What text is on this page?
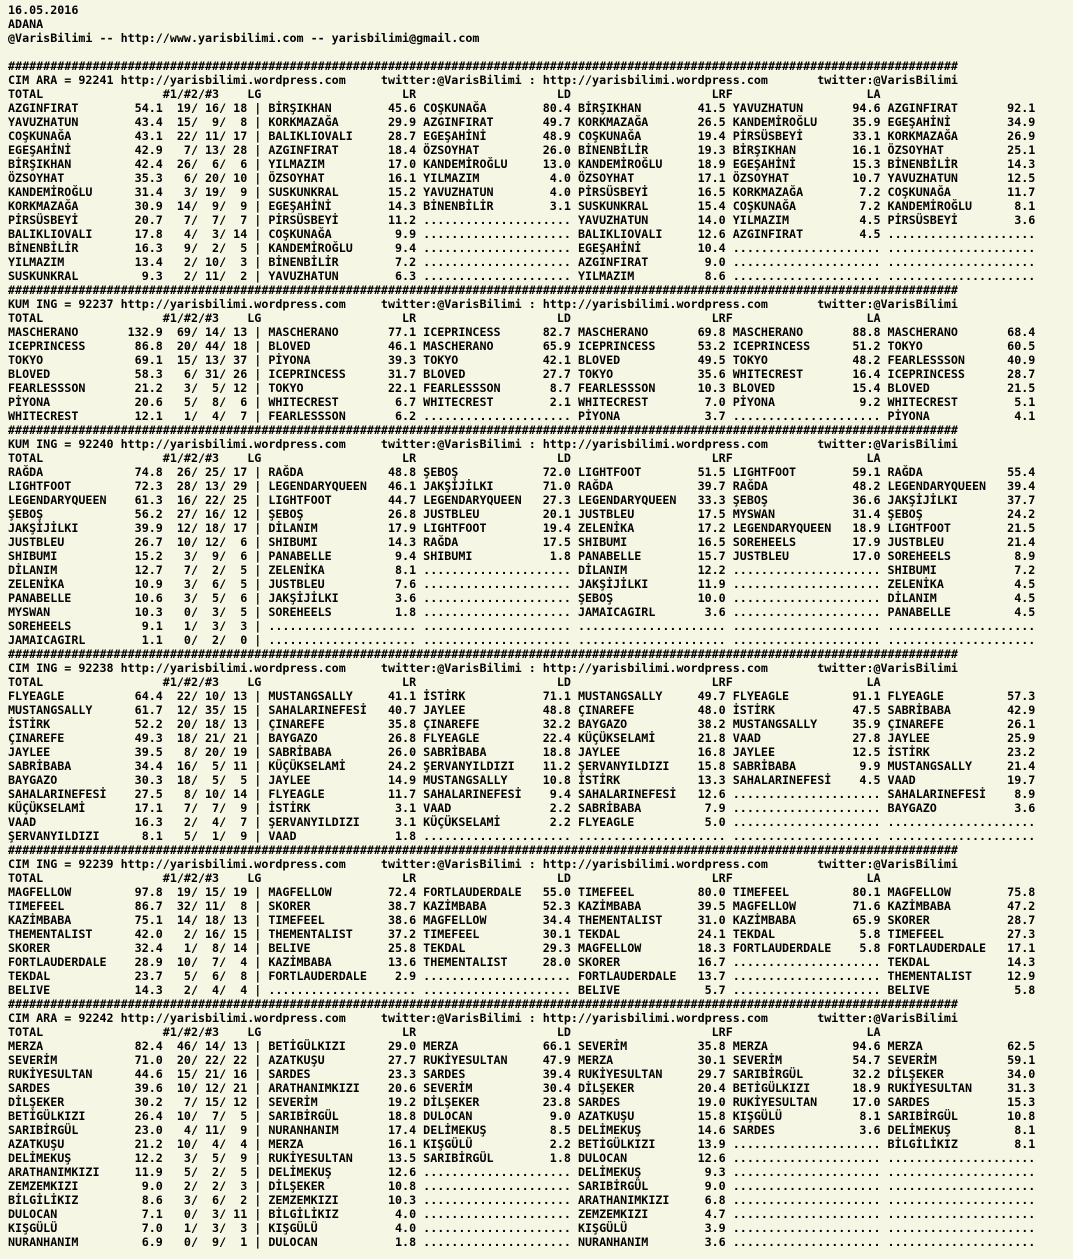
16.05.2016
ADANA
@VarisBilimi -- http://www.yarisbilimi.com -- yarisbilimi@gmail.com
#######################################################################################################################################
CIM ARA = 92241 http://yarisbilimi.wordpress.com     twitter:@VarisBilimi : http://yarisbilimi.wordpress.com       twitter:@VarisBilimi
TOTAL                 #1/#2/#3    LG                    LR                    LD                    LRF                   LA
AZGINFIRAT        54.1  19/ 16/ 18 | BİRŞIKHAN        45.6 COŞKUNAĞA        80.4 BİRŞIKHAN        41.5 YAVUZHATUN       94.6 AZGINFIRAT       92.1
YAVUZHATUN        43.4  15/  9/  8 | KORKMAZAĞA       29.9 AZGINFIRAT       49.7 KORKMAZAĞA       26.5 KANDEMİROĞLU     35.9 EGEŞAHİNİ        34.9
COŞKUNAĞA         43.1  22/ 11/ 17 | BALIKLIOVALI     28.7 EGEŞAHİNİ        48.9 COŞKUNAĞA        19.4 PİRSÜSBEYİ       33.1 KORKMAZAĞA       26.9
EGEŞAHİNİ         42.9   7/ 13/ 28 | AZGINFIRAT       18.4 ÖZSOYHAT         26.0 BİNENBİLİR       19.3 BİRŞIKHAN        16.1 ÖZSOYHAT         25.1
BİRŞIKHAN         42.4  26/  6/  6 | YILMAZIM         17.0 KANDEMİROĞLU     13.0 KANDEMİROĞLU     18.9 EGEŞAHİNİ        15.3 BİNENBİLİR       14.3
ÖZSOYHAT          35.3   6/ 20/ 10 | ÖZSOYHAT         16.1 YILMAZIM          4.0 ÖZSOYHAT         17.1 ÖZSOYHAT         10.7 YAVUZHATUN       12.5
KANDEMİROĞLU      31.4   3/ 19/  9 | SUSKUNKRAL       15.2 YAVUZHATUN        4.0 PİRSÜSBEYİ       16.5 KORKMAZAĞA        7.2 COŞKUNAĞA        11.7
KORKMAZAĞA        30.9  14/  9/  9 | EGEŞAHİNİ        14.3 BİNENBİLİR        3.1 SUSKUNKRAL       15.4 COŞKUNAĞA         7.2 KANDEMİROĞLU      8.1
PİRSÜSBEYİ        20.7   7/  7/  7 | PİRSÜSBEYİ       11.2 ..................... YAVUZHATUN       14.0 YILMAZIM          4.5 PİRSÜSBEYİ        3.6
BALIKLIOVALI      17.8   4/  3/ 14 | COŞKUNAĞA         9.9 ..................... BALIKLIOVALI     12.6 AZGINFIRAT        4.5 .....................
BİNENBİLİR        16.3   9/  2/  5 | KANDEMİROĞLU      9.4 ..................... EGEŞAHİNİ        10.4 ..................... .....................
YILMAZIM          13.4   2/ 10/  3 | BİNENBİLİR        7.2 ..................... AZGINFIRAT        9.0 ..................... .....................
SUSKUNKRAL         9.3   2/ 11/  2 | YAVUZHATUN        6.3 ..................... YILMAZIM          8.6 ..................... .....................
#######################################################################################################################################
KUM ING = 92237 http://yarisbilimi.wordpress.com     twitter:@VarisBilimi : http://yarisbilimi.wordpress.com       twitter:@VarisBilimi
TOTAL                 #1/#2/#3    LG                    LR                    LD                    LRF                   LA
MASCHERANO       132.9  69/ 14/ 13 | MASCHERANO       77.1 ICEPRINCESS      82.7 MASCHERANO       69.8 MASCHERANO       88.8 MASCHERANO       68.4
ICEPRINCESS       86.8  20/ 44/ 18 | BLOVED           46.1 MASCHERANO       65.9 ICEPRINCESS      53.2 ICEPRINCESS      51.2 TOKYO            60.5
TOKYO             69.1  15/ 13/ 37 | PİYONA           39.3 TOKYO            42.1 BLOVED           49.5 TOKYO            48.2 FEARLESSSON      40.9
BLOVED            58.3   6/ 31/ 26 | ICEPRINCESS      31.7 BLOVED           27.7 TOKYO            35.6 WHITECREST       16.4 ICEPRINCESS      28.7
FEARLESSSON       21.2   3/  5/ 12 | TOKYO            22.1 FEARLESSSON       8.7 FEARLESSSON      10.3 BLOVED           15.4 BLOVED           21.5
PİYONA            20.6   5/  8/  6 | WHITECREST        6.7 WHITECREST        2.1 WHITECREST        7.0 PİYONA            9.2 WHITECREST        5.1
WHITECREST        12.1   1/  4/  7 | FEARLESSSON       6.2 ..................... PİYONA            3.7 ..................... PİYONA            4.1
#######################################################################################################################################
KUM ING = 92240 http://yarisbilimi.wordpress.com     twitter:@VarisBilimi : http://yarisbilimi.wordpress.com       twitter:@VarisBilimi
TOTAL                 #1/#2/#3    LG                    LR                    LD                    LRF                   LA
RAĞDA             74.8  26/ 25/ 17 | RAĞDA            48.8 ŞEBOŞ            72.0 LIGHTFOOT        51.5 LIGHTFOOT        59.1 RAĞDA            55.4
LIGHTFOOT         72.3  28/ 13/ 29 | LEGENDARYQUEEN   46.1 JAKŞİJİLKI       71.0 RAĞDA            39.7 RAĞDA            48.2 LEGENDARYQUEEN   39.4
LEGENDARYQUEEN    61.3  16/ 22/ 25 | LIGHTFOOT        44.7 LEGENDARYQUEEN   27.3 LEGENDARYQUEEN   33.3 ŞEBOŞ            36.6 JAKŞİJİLKI       37.7
ŞEBOŞ             56.2  27/ 16/ 12 | ŞEBOŞ            26.8 JUSTBLEU         20.1 JUSTBLEU         17.5 MYSWAN           31.4 ŞEBOŞ            24.2
JAKŞİJİLKI        39.9  12/ 18/ 17 | DİLANIM          17.9 LIGHTFOOT        19.4 ZELENİKA         17.2 LEGENDARYQUEEN   18.9 LIGHTFOOT        21.5
JUSTBLEU          26.7  10/ 12/  6 | SHIBUMI          14.3 RAĞDA            17.5 SHIBUMI          16.5 SOREHEELS        17.9 JUSTBLEU         21.4
SHIBUMI           15.2   3/  9/  6 | PANABELLE         9.4 SHIBUMI           1.8 PANABELLE        15.7 JUSTBLEU         17.0 SOREHEELS         8.9
DİLANIM           12.7   7/  2/  5 | ZELENİKA          8.1 ..................... DİLANIM          12.2 ..................... SHIBUMI           7.2
ZELENİKA          10.9   3/  6/  5 | JUSTBLEU          7.6 ..................... JAKŞİJİLKI       11.9 ..................... ZELENİKA          4.5
PANABELLE         10.6   3/  5/  6 | JAKŞİJİLKI        3.6 ..................... ŞEBOŞ            10.0 ..................... DİLANIM           4.5
MYSWAN            10.3   0/  3/  5 | SOREHEELS         1.8 ..................... JAMAICAGIRL       3.6 ..................... PANABELLE         4.5
SOREHEELS          9.1   1/  3/  3 | ..................... ..................... ..................... ..................... .....................
JAMAICAGIRL        1.1   0/  2/  0 | ..................... ..................... ..................... ..................... .....................
#######################################################################################################################################
CIM ING = 92238 http://yarisbilimi.wordpress.com     twitter:@VarisBilimi : http://yarisbilimi.wordpress.com       twitter:@VarisBilimi
TOTAL                 #1/#2/#3    LG                    LR                    LD                    LRF                   LA
FLYEAGLE          64.4  22/ 10/ 13 | MUSTANGSALLY     41.1 İSTİRK           71.1 MUSTANGSALLY     49.7 FLYEAGLE         91.1 FLYEAGLE         57.3
MUSTANGSALLY      61.7  12/ 35/ 15 | SAHALARINEFESİ   40.7 JAYLEE           48.8 ÇINAREFE         48.0 İSTİRK           47.5 SABRİBABA        42.9
İSTİRK            52.2  20/ 18/ 13 | ÇINAREFE         35.8 ÇINAREFE         32.2 BAYGAZO          38.2 MUSTANGSALLY     35.9 ÇINAREFE         26.1
ÇINAREFE          49.3  18/ 21/ 21 | BAYGAZO          26.8 FLYEAGLE         22.4 KÜÇÜKSELAMİ      21.8 VAAD             27.8 JAYLEE           25.9
JAYLEE            39.5   8/ 20/ 19 | SABRİBABA        26.0 SABRİBABA        18.8 JAYLEE           16.8 JAYLEE           12.5 İSTİRK           23.2
SABRİBABA         34.4  16/  5/ 11 | KÜÇÜKSELAMİ      24.2 ŞERVANYILDIZI    11.2 ŞERVANYILDIZI    15.8 SABRİBABA         9.9 MUSTANGSALLY     21.4
BAYGAZO           30.3  18/  5/  5 | JAYLEE           14.9 MUSTANGSALLY     10.8 İSTİRK           13.3 SAHALARINEFESİ    4.5 VAAD             19.7
SAHALARINEFESİ    27.5   8/ 10/ 14 | FLYEAGLE         11.7 SAHALARINEFESİ    9.4 SAHALARINEFESİ   12.6 ..................... SAHALARINEFESİ    8.9
KÜÇÜKSELAMİ       17.1   7/  7/  9 | İSTİRK            3.1 VAAD              2.2 SABRİBABA         7.9 ..................... BAYGAZO           3.6
VAAD              16.3   2/  4/  7 | ŞERVANYILDIZI     3.1 KÜÇÜKSELAMİ       2.2 FLYEAGLE          5.0 ..................... .....................
ŞERVANYILDIZI      8.1   5/  1/  9 | VAAD              1.8 ..................... ..................... ..................... .....................
#######################################################################################################################################
CIM ING = 92239 http://yarisbilimi.wordpress.com     twitter:@VarisBilimi : http://yarisbilimi.wordpress.com       twitter:@VarisBilimi
TOTAL                 #1/#2/#3    LG                    LR                    LD                    LRF                   LA
MAGFELLOW         97.8  19/ 15/ 19 | MAGFELLOW        72.4 FORTLAUDERDALE   55.0 TIMEFEEL         80.0 TIMEFEEL         80.1 MAGFELLOW        75.8
TIMEFEEL          86.7  32/ 11/  8 | SKORER           38.7 KAZİMBABA        52.3 KAZİMBABA        39.5 MAGFELLOW        71.6 KAZİMBABA        47.2
KAZİMBABA         75.1  14/ 18/ 13 | TIMEFEEL         38.6 MAGFELLOW        34.4 THEMENTALIST     31.0 KAZİMBABA        65.9 SKORER           28.7
THEMENTALIST      42.0   2/ 16/ 15 | THEMENTALIST     37.2 TIMEFEEL         30.1 TEKDAL           24.1 TEKDAL            5.8 TIMEFEEL         27.3
SKORER            32.4   1/  8/ 14 | BELIVE           25.8 TEKDAL           29.3 MAGFELLOW        18.3 FORTLAUDERDALE    5.8 FORTLAUDERDALE   17.1
FORTLAUDERDALE    28.9  10/  7/  4 | KAZİMBABA        13.6 THEMENTALIST     28.0 SKORER           16.7 ..................... TEKDAL           14.3
TEKDAL            23.7   5/  6/  8 | FORTLAUDERDALE    2.9 ..................... FORTLAUDERDALE   13.7 ..................... THEMENTALIST     12.9
BELIVE            14.3   2/  4/  4 | ..................... ..................... BELIVE            5.7 ..................... BELIVE            5.8
#######################################################################################################################################
CIM ARA = 92242 http://yarisbilimi.wordpress.com     twitter:@VarisBilimi : http://yarisbilimi.wordpress.com       twitter:@VarisBilimi
TOTAL                 #1/#2/#3    LG                    LR                    LD                    LRF                   LA
MERZA             82.4  46/ 14/ 13 | BETİGÜLKIZI      29.0 MERZA            66.1 SEVERİM          35.8 MERZA            94.6 MERZA            62.5
SEVERİM           71.0  20/ 22/ 22 | AZATKUŞU         27.7 RUKİYESULTAN     47.9 MERZA            30.1 SEVERİM          54.7 SEVERİM          59.1
RUKİYESULTAN      44.6  15/ 21/ 16 | SARDES           23.3 SARDES           39.4 RUKİYESULTAN     29.7 SARIBİRGÜL       32.2 DİLŞEKER         34.0
SARDES            39.6  10/ 12/ 21 | ARATHANIMKIZI    20.6 SEVERİM          30.4 DİLŞEKER         20.4 BETİGÜLKIZI      18.9 RUKİYESULTAN     31.3
DİLŞEKER          30.2   7/ 15/ 12 | SEVERİM          19.2 DİLŞEKER         23.8 SARDES           19.0 RUKİYESULTAN     17.0 SARDES           15.3
BETİGÜLKIZI       26.4  10/  7/  5 | SARIBİRGÜL       18.8 DULOCAN           9.0 AZATKUŞU         15.8 KIŞGÜLÜ           8.1 SARIBİRGÜL       10.8
SARIBİRGÜL        23.0   4/ 11/  9 | NURANHANIM       17.4 DELİMEKUŞ         8.5 DELİMEKUŞ        14.6 SARDES            3.6 DELİMEKUŞ         8.1
AZATKUŞU          21.2  10/  4/  4 | MERZA            16.1 KIŞGÜLÜ           2.2 BETİGÜLKIZI      13.9 ..................... BİLGİLİKIZ        8.1
DELİMEKUŞ         12.2   3/  5/  9 | RUKİYESULTAN     13.5 SARIBİRGÜL        1.8 DULOCAN          12.6 ..................... .....................
ARATHANIMKIZI     11.9   5/  2/  5 | DELİMEKUŞ        12.6 ..................... DELİMEKUŞ         9.3 ..................... .....................
ZEMZEMKIZI         9.0   2/  2/  3 | DİLŞEKER         10.8 ..................... SARIBİRGÜL        9.0 ..................... .....................
BİLGİLİKIZ         8.6   3/  6/  2 | ZEMZEMKIZI       10.3 ..................... ARATHANIMKIZI     6.8 ..................... .....................
DULOCAN            7.1   0/  3/ 11 | BİLGİLİKIZ        4.0 ..................... ZEMZEMKIZI        4.7 ..................... .....................
KIŞGÜLÜ            7.0   1/  3/  3 | KIŞGÜLÜ           4.0 ..................... KIŞGÜLÜ           3.9 ..................... .....................
NURANHANIM         6.9   0/  9/  1 | DULOCAN           1.8 ..................... NURANHANIM        3.6 ..................... .....................
